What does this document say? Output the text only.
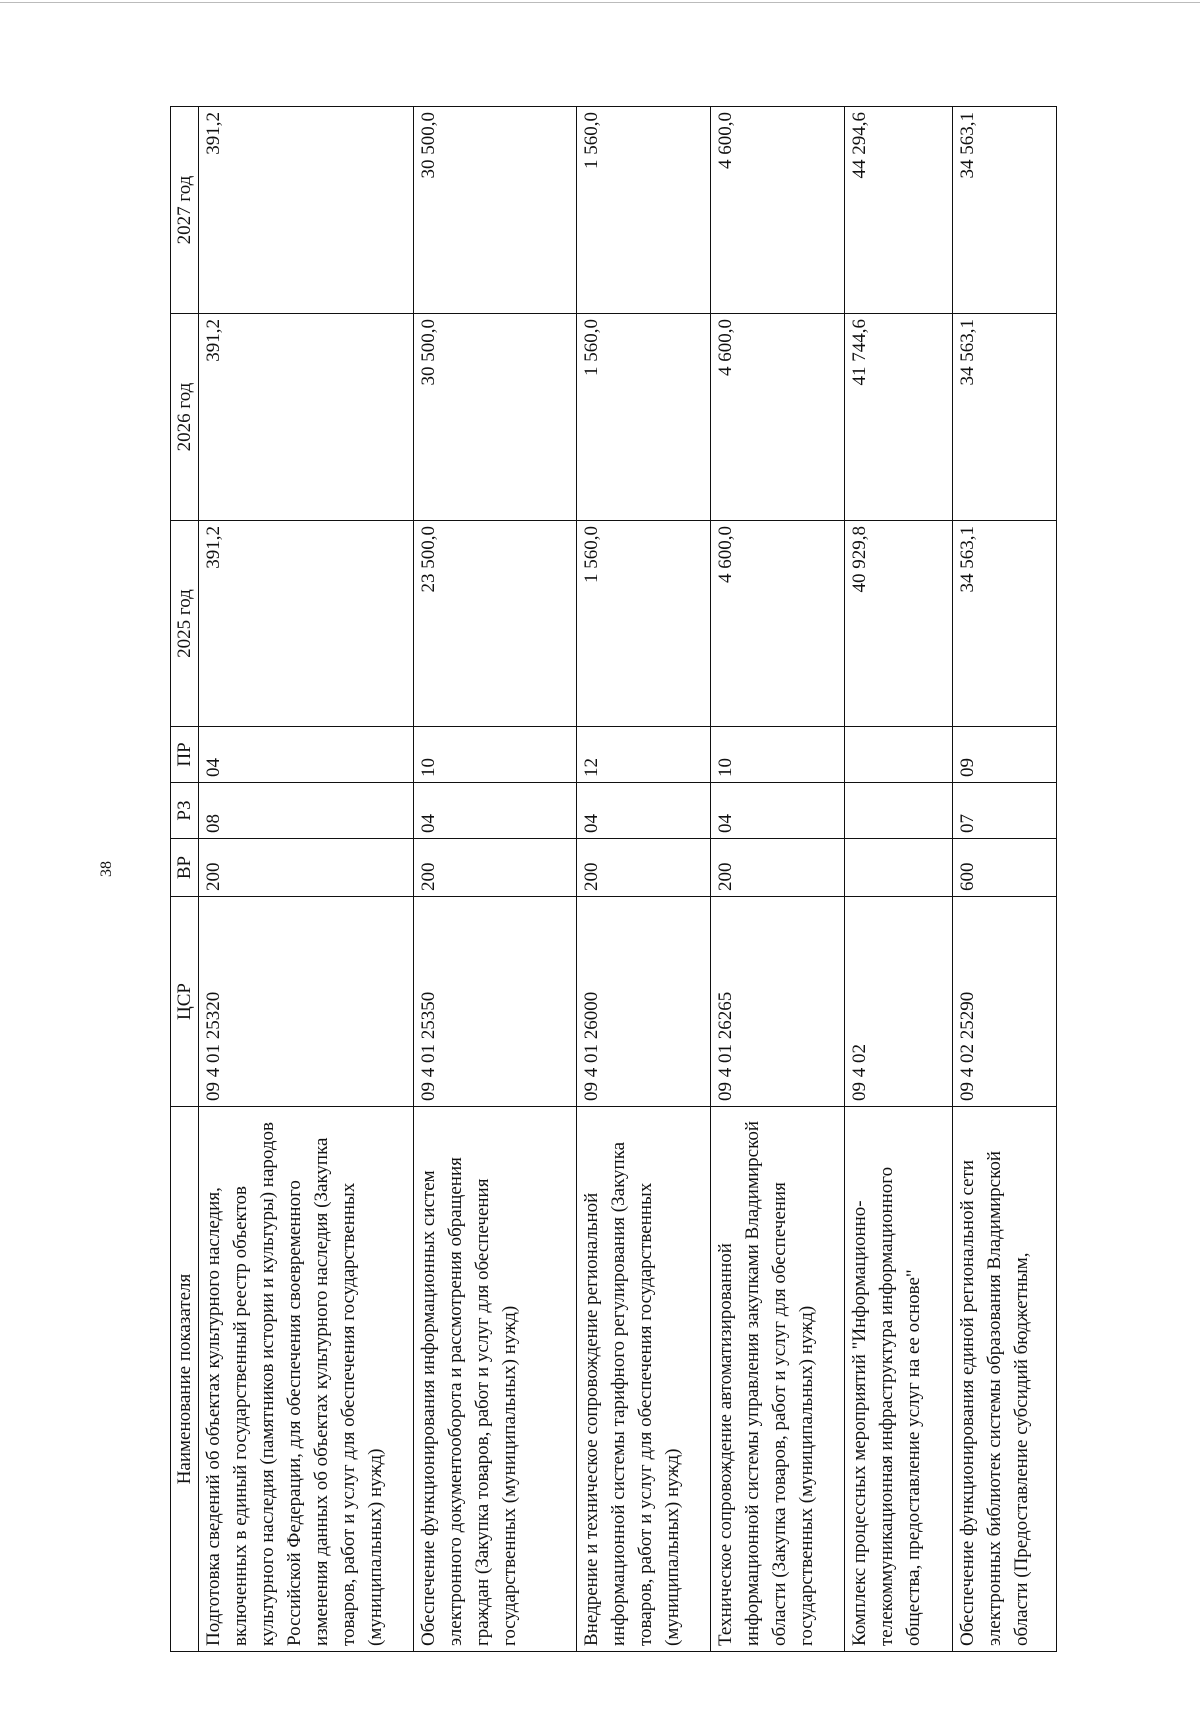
38
Наименование показателя	ЦСР	ВР	РЗ	ПР	2025 год	2026 год	2027 год
Подготовка сведений об объектах культурного наследия, включенных в единый государственный реестр объектов культурного наследия (памятников истории и культуры) народов Российской Федерации, для обеспечения своевременного изменения данных об объектах культурного наследия (Закупка товаров, работ и услуг для обеспечения государственных (муниципальных) нужд)	09 4 01 25320	200	08	04	391,2	391,2	391,2
Обеспечение функционирования информационных систем электронного документооборота и рассмотрения обращения граждан (Закупка товаров, работ и услуг для обеспечения государственных (муниципальных) нужд)	09 4 01 25350	200	04	10	23 500,0	30 500,0	30 500,0
Внедрение и техническое сопровождение региональной информационной системы тарифного регулирования (Закупка товаров, работ и услуг для обеспечения государственных (муниципальных) нужд)	09 4 01 26000	200	04	12	1 560,0	1 560,0	1 560,0
Техническое сопровождение автоматизированной информационной системы управления закупками Владимирской области (Закупка товаров, работ и услуг для обеспечения государственных (муниципальных) нужд)	09 4 01 26265	200	04	10	4 600,0	4 600,0	4 600,0
Комплекс процессных мероприятий "Информационно-телекоммуникационная инфраструктура информационного общества, предоставление услуг на ее основе"	09 4 02				40 929,8	41 744,6	44 294,6
Обеспечение функционирования единой региональной сети электронных библиотек системы образования Владимирской области (Предоставление субсидий бюджетным,	09 4 02 25290	600	07	09	34 563,1	34 563,1	34 563,1
